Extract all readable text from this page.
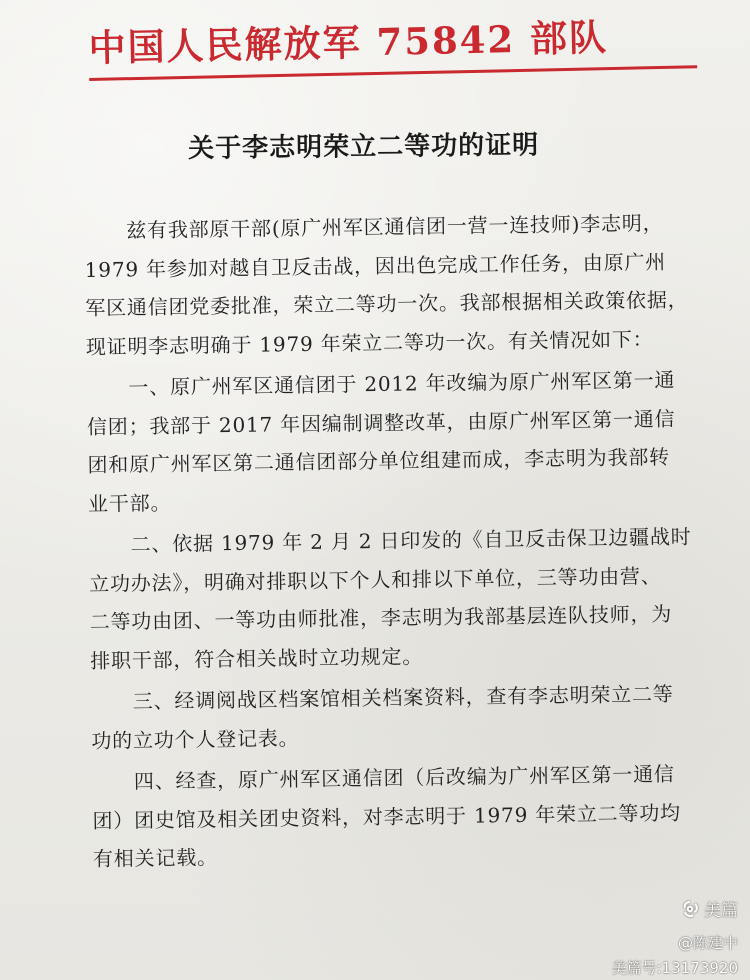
中国人民解放军 75842 部队
关于李志明荣立二等功的证明
兹有我部原干部(原广州军区通信团一营一连技师)李志明，
1979 年参加对越自卫反击战，因出色完成工作任务，由原广州
军区通信团党委批准，荣立二等功一次。我部根据相关政策依据，
现证明李志明确于 1979 年荣立二等功一次。有关情况如下：
一、原广州军区通信团于 2012 年改编为原广州军区第一通
信团；我部于 2017 年因编制调整改革，由原广州军区第一通信
团和原广州军区第二通信团部分单位组建而成，李志明为我部转
业干部。
二、依据 1979 年 2 月 2 日印发的《自卫反击保卫边疆战时
立功办法》，明确对排职以下个人和排以下单位，三等功由营、
二等功由团、一等功由师批准，李志明为我部基层连队技师，为
排职干部，符合相关战时立功规定。
三、经调阅战区档案馆相关档案资料，查有李志明荣立二等
功的立功个人登记表。
四、经查，原广州军区通信团（后改编为广州军区第一通信
团）团史馆及相关团史资料，对李志明于 1979 年荣立二等功均
有相关记载。
美篇
@陈建中
美篇号:13173920
